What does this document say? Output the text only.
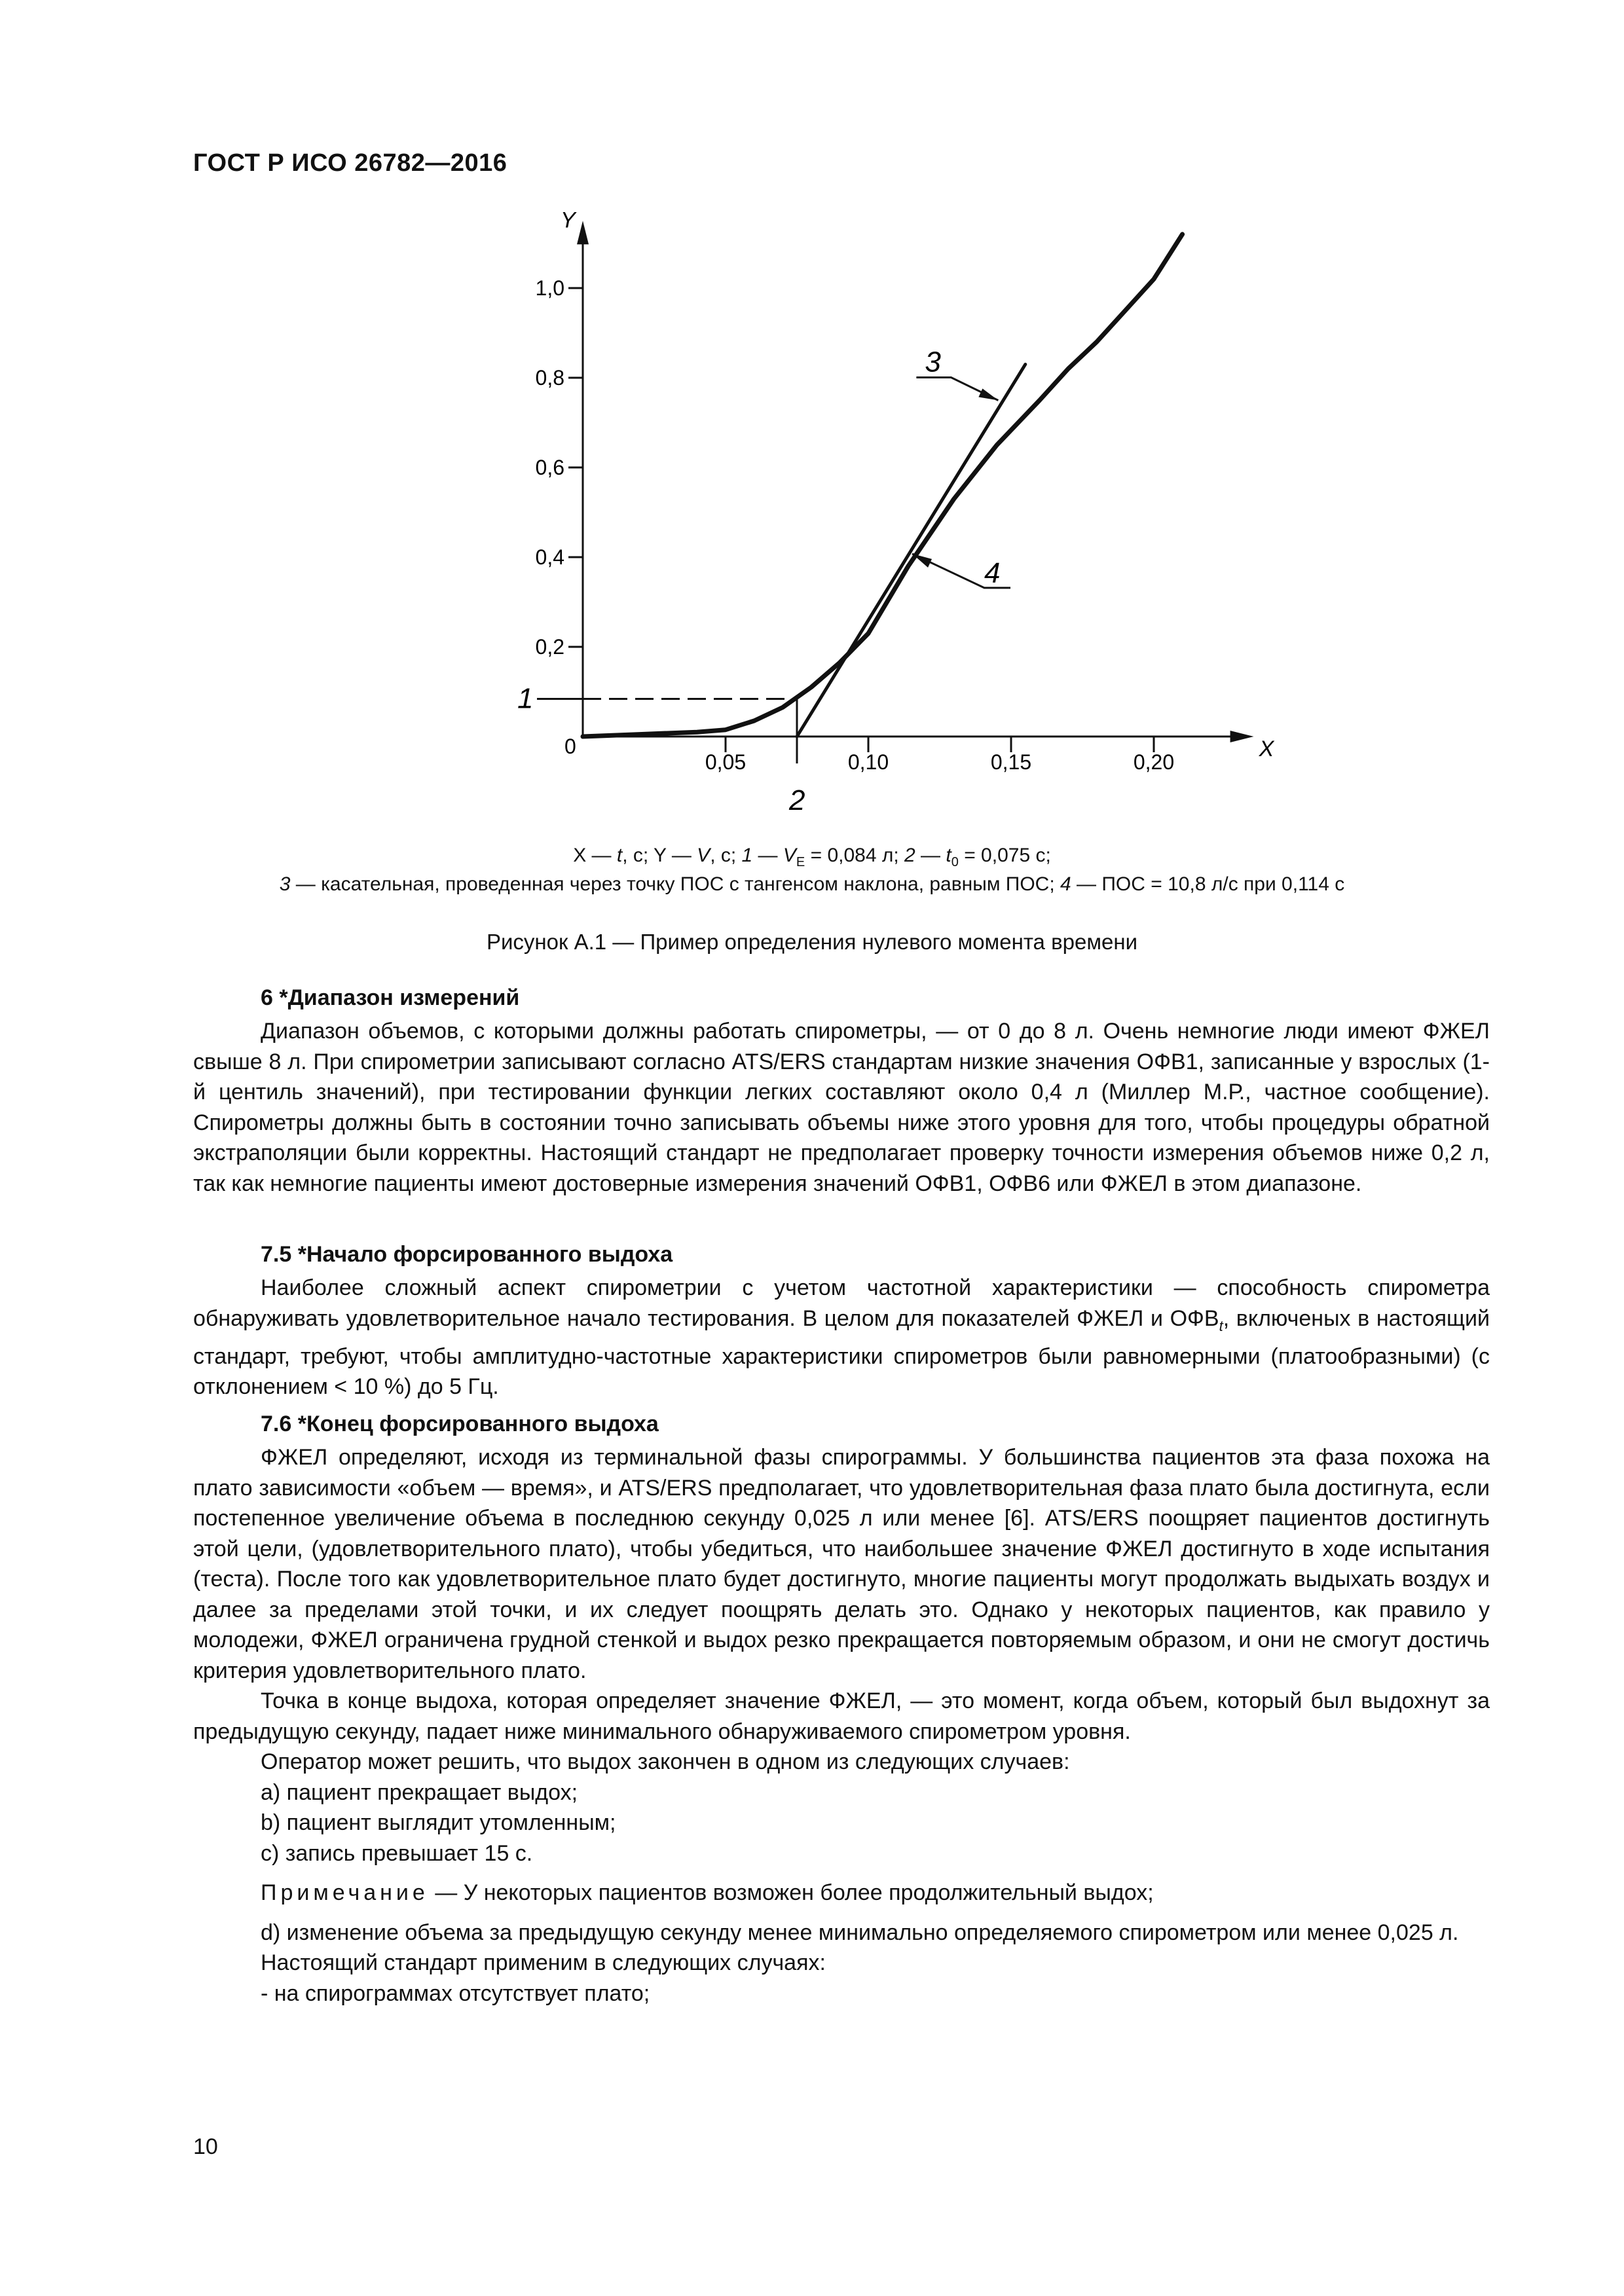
ГОСТ Р ИСО 26782—2016
X
Y
0
0,05	0,10	0,15	0,20
0,2
0,4
0,6
0,8
1,0
1
2
3
4
X — t, c; Y — V, c; 1 — $V_E = 0,084$ л; 2 — $t_0 = 0,075$ с;
3 — касательная, проведенная через точку ПОС с тангенсом наклона, равным ПОС; 4 — ПОС = 10,8 л/с при 0,114 с
Рисунок А.1 — Пример определения нулевого момента времени
6 *Диапазон измерений

Диапазон объемов, с которыми должны работать спирометры, — от 0 до 8 л. Очень немногие люди имеют ФЖЕЛ свыше 8 л. При спирометрии записывают согласно ATS/ERS стандартам низкие значения ОФВ1, записанные у взрослых (1-й центиль значений), при тестировании функции легких составляют около 0,4 л (Миллер М.Р., частное сообщение). Спирометры должны быть в состоянии точно записывать объемы ниже этого уровня для того, чтобы процедуры обратной экстраполяции были корректны. Настоящий стандарт не предполагает проверку точности измерения объемов ниже 0,2 л, так как немногие пациенты имеют достоверные измерения значений ОФВ1, ОФВ6 или ФЖЕЛ в этом диапазоне.

7.5 *Начало форсированного выдоха

Наиболее сложный аспект спирометрии с учетом частотной характеристики — способность спирометра обнаруживать удовлетворительное начало тестирования. В целом для показателей ФЖЕЛ и $ОФВ_t$, включеных в настоящий стандарт, требуют, чтобы амплитудно-частотные характеристики спирометров были равномерными (платообразными) (с отклонением < 10 %) до 5 Гц.

7.6 *Конец форсированного выдоха

ФЖЕЛ определяют, исходя из терминальной фазы спирограммы. У большинства пациентов эта фаза похожа на плато зависимости «объем — время», и ATS/ERS предполагает, что удовлетворительная фаза плато была достигнута, если постепенное увеличение объема в последнюю секунду 0,025 л или менее [6]. ATS/ERS поощряет пациентов достигнуть этой цели, (удовлетворительного плато), чтобы убедиться, что наибольшее значение ФЖЕЛ достигнуто в ходе испытания (теста). После того как удовлетворительное плато будет достигнуто, многие пациенты могут продолжать выдыхать воздух и далее за пределами этой точки, и их следует поощрять делать это. Однако у некоторых пациентов, как правило у молодежи, ФЖЕЛ ограничена грудной стенкой и выдох резко прекращается повторяемым образом, и они не смогут достичь критерия удовлетворительного плато.

Точка в конце выдоха, которая определяет значение ФЖЕЛ, — это момент, когда объем, который был выдохнут за предыдущую секунду, падает ниже минимального обнаруживаемого спирометром уровня.

Оператор может решить, что выдох закончен в одном из следующих случаев:

a) пациент прекращает выдох;

b) пациент выглядит утомленным;

c) запись превышает 15 с.

Примечание — У некоторых пациентов возможен более продолжительный выдох;

d) изменение объема за предыдущую секунду менее минимально определяемого спирометром или менее 0,025 л.

Настоящий стандарт применим в следующих случаях:

- на спирограммах отсутствует плато;

10
